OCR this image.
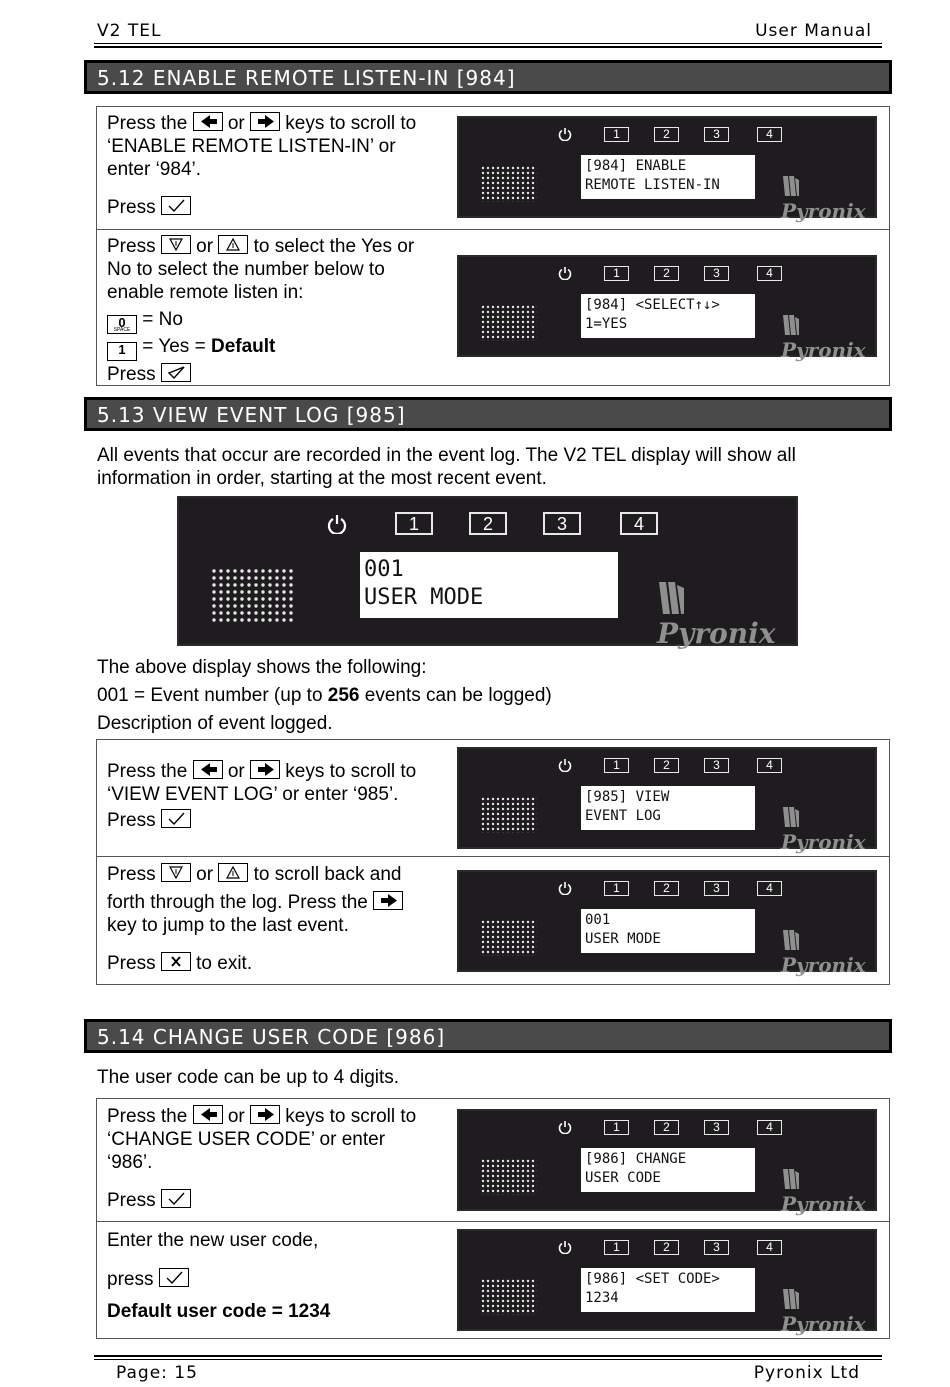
V2 TEL	User Manual
5.12 ENABLE REMOTE LISTEN-IN [984]
Press the or keys to scroll to
‘ENABLE REMOTE LISTEN-IN’ or
enter ‘984’.
Press
1	2	3	4
[984] ENABLE
REMOTE LISTEN-IN
Pyronix
Press or to select the Yes or
No to select the number below to
enable remote listen in:
0
SPACE = No
1 = Yes = Default
Press
1	2	3	4
[984] <SELECT↑↓>
1=YES
Pyronix
5.13 VIEW EVENT LOG [985]
All events that occur are recorded in the event log. The V2 TEL display will show all
information in order, starting at the most recent event.
1	2	3	4
001
USER MODE
Pyronix
The above display shows the following:
001 = Event number (up to 256 events can be logged)
Description of event logged.
Press the or keys to scroll to
‘VIEW EVENT LOG’ or enter ‘985’.
Press
1	2	3	4
[985] VIEW
EVENT LOG
Pyronix
Press or to scroll back and
forth through the log. Press the
key to jump to the last event.
Press to exit.
1	2	3	4
001
USER MODE
Pyronix
5.14 CHANGE USER CODE [986]
The user code can be up to 4 digits.
Press the or keys to scroll to
‘CHANGE USER CODE’ or enter
‘986’.
Press
1	2	3	4
[986] CHANGE
USER CODE
Pyronix
Enter the new user code,
press
Default user code = 1234
1	2	3	4
[986] <SET CODE>
1234
Pyronix
Page: 15	Pyronix Ltd
